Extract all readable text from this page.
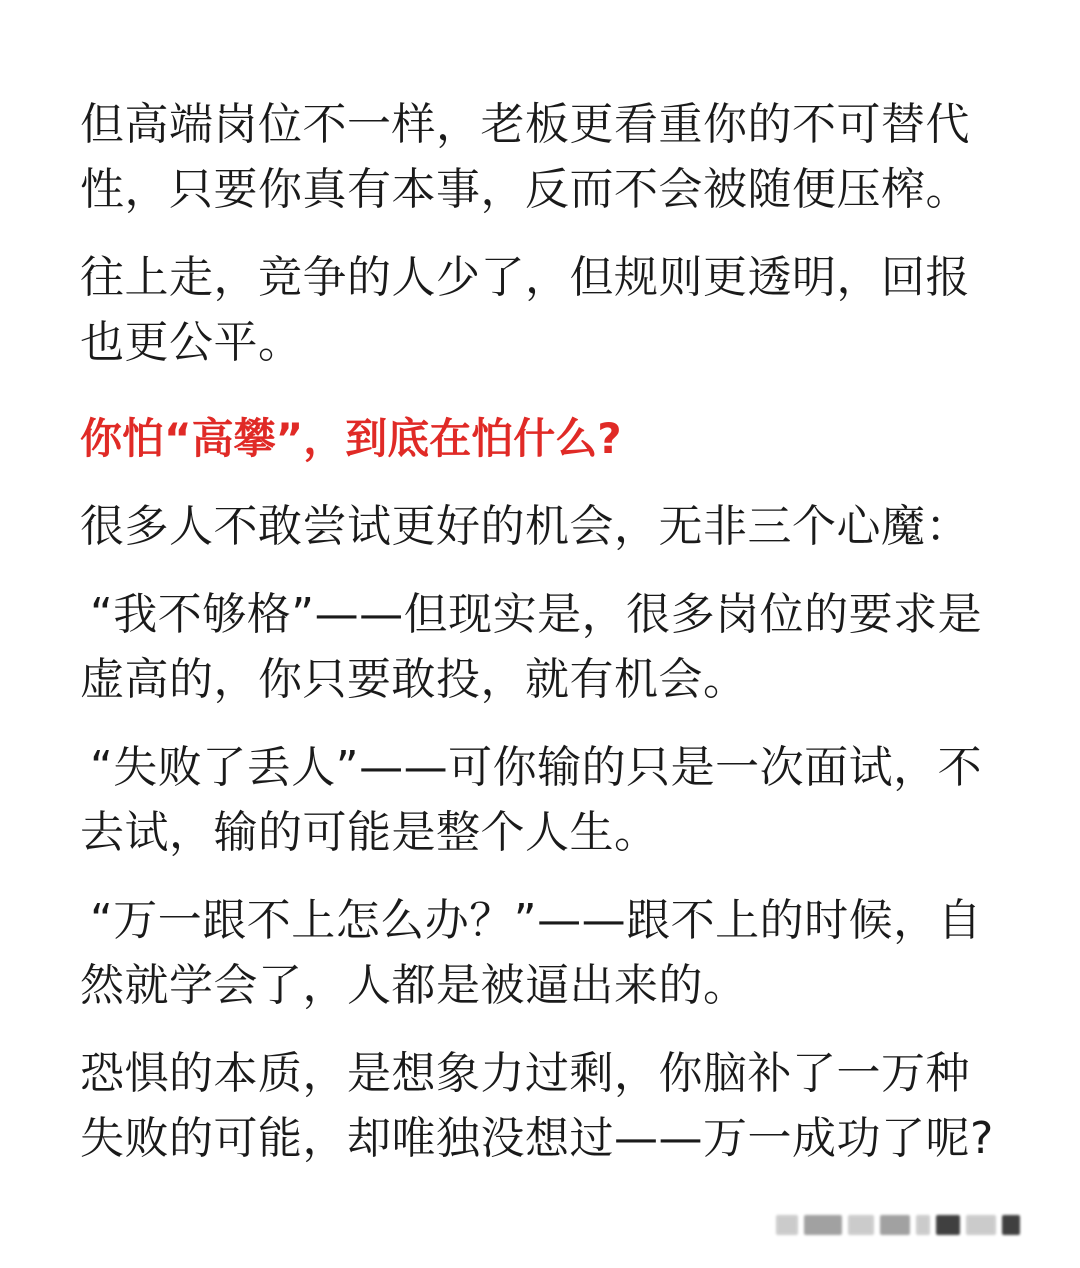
但高端岗位不一样，老板更看重你的不可替代性，只要你真有本事，反而不会被随便压榨。

往上走，竞争的人少了，但规则更透明，回报也更公平。

你怕“高攀”，到底在怕什么?

很多人不敢尝试更好的机会，无非三个心魔：

“我不够格”——但现实是，很多岗位的要求是虚高的，你只要敢投，就有机会。

“失败了丢人”——可你输的只是一次面试，不去试，输的可能是整个人生。

“万一跟不上怎么办？”——跟不上的时候，自然就学会了，人都是被逼出来的。

恐惧的本质，是想象力过剩，你脑补了一万种失败的可能，却唯独没想过——万一成功了呢?
